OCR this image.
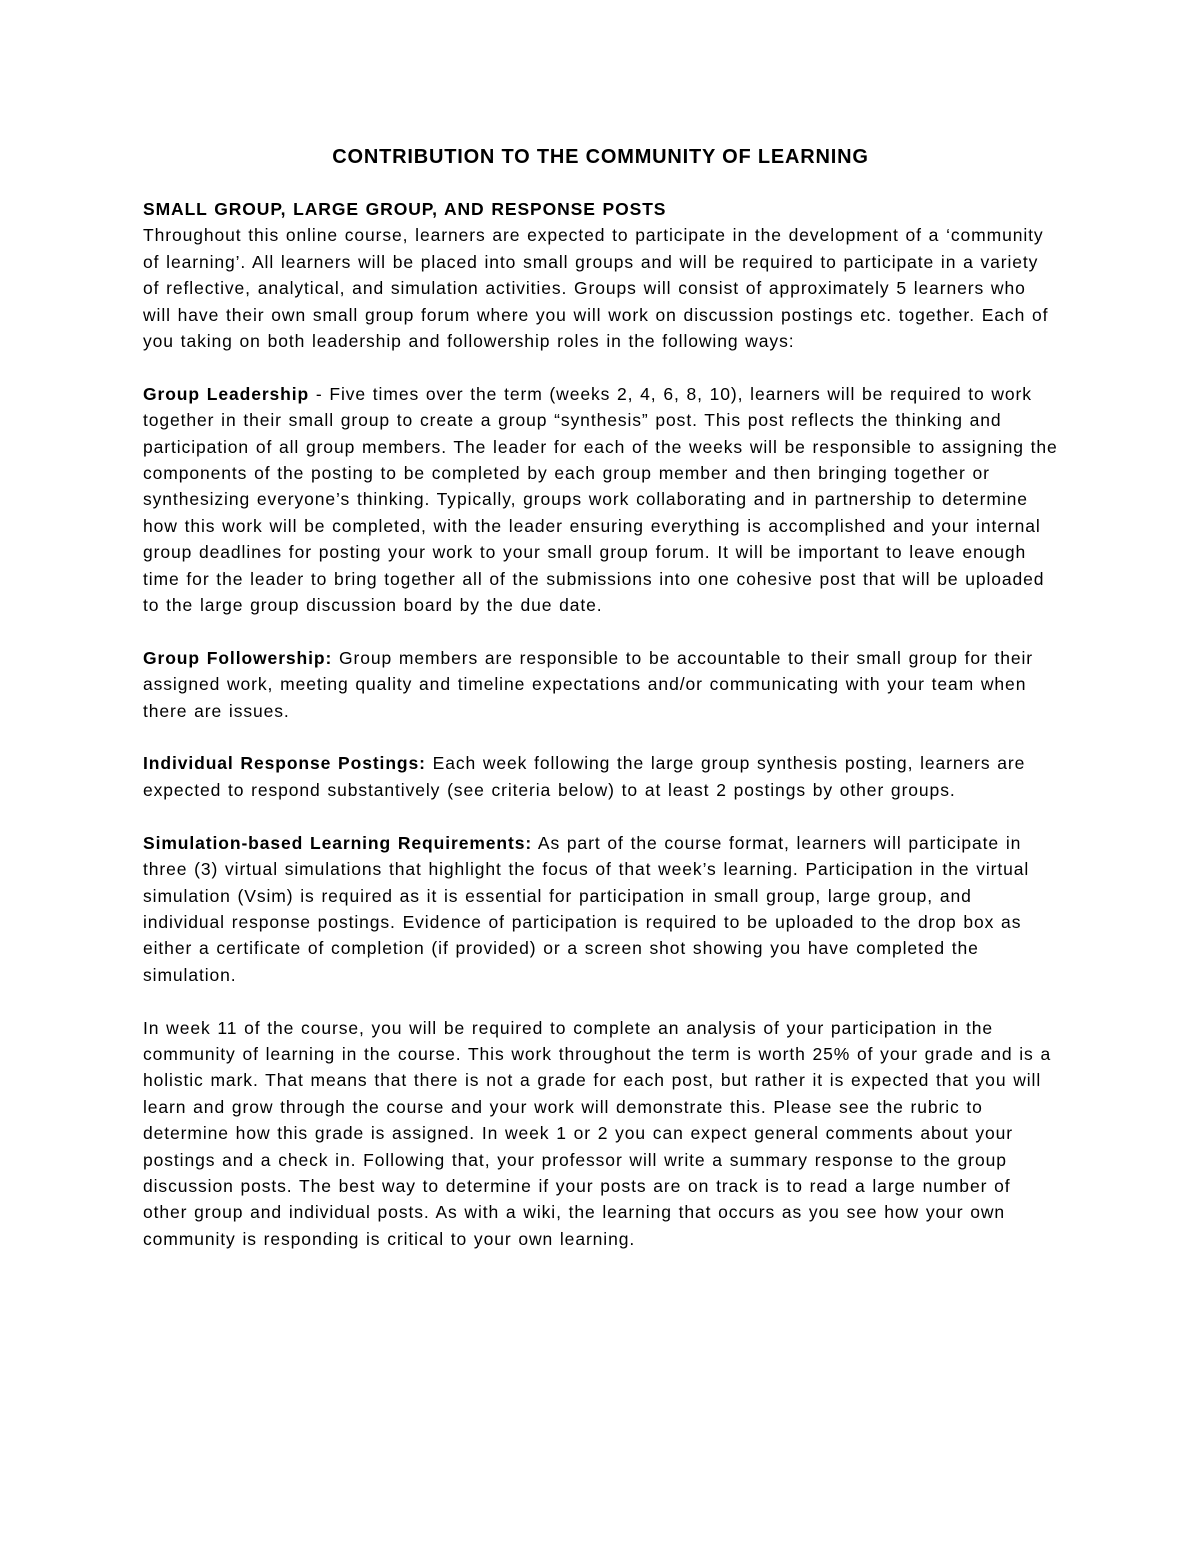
CONTRIBUTION TO THE COMMUNITY OF LEARNING

SMALL GROUP, LARGE GROUP, AND RESPONSE POSTS
Throughout this online course, learners are expected to participate in the development of a ‘community of learning’. All learners will be placed into small groups and will be required to participate in a variety of reflective, analytical, and simulation activities. Groups will consist of approximately 5 learners who will have their own small group forum where you will work on discussion postings etc. together. Each of you taking on both leadership and followership roles in the following ways:

Group Leadership - Five times over the term (weeks 2, 4, 6, 8, 10), learners will be required to work together in their small group to create a group “synthesis” post. This post reflects the thinking and participation of all group members. The leader for each of the weeks will be responsible to assigning the components of the posting to be completed by each group member and then bringing together or synthesizing everyone’s thinking. Typically, groups work collaborating and in partnership to determine how this work will be completed, with the leader ensuring everything is accomplished and your internal group deadlines for posting your work to your small group forum. It will be important to leave enough time for the leader to bring together all of the submissions into one cohesive post that will be uploaded to the large group discussion board by the due date.

Group Followership: Group members are responsible to be accountable to their small group for their assigned work, meeting quality and timeline expectations and/or communicating with your team when there are issues.

Individual Response Postings: Each week following the large group synthesis posting, learners are expected to respond substantively (see criteria below) to at least 2 postings by other groups.

Simulation-based Learning Requirements: As part of the course format, learners will participate in three (3) virtual simulations that highlight the focus of that week’s learning. Participation in the virtual simulation (Vsim) is required as it is essential for participation in small group, large group, and individual response postings. Evidence of participation is required to be uploaded to the drop box as either a certificate of completion (if provided) or a screen shot showing you have completed the simulation.

In week 11 of the course, you will be required to complete an analysis of your participation in the community of learning in the course. This work throughout the term is worth 25% of your grade and is a holistic mark. That means that there is not a grade for each post, but rather it is expected that you will learn and grow through the course and your work will demonstrate this. Please see the rubric to determine how this grade is assigned. In week 1 or 2 you can expect general comments about your postings and a check in. Following that, your professor will write a summary response to the group discussion posts. The best way to determine if your posts are on track is to read a large number of other group and individual posts. As with a wiki, the learning that occurs as you see how your own community is responding is critical to your own learning.
